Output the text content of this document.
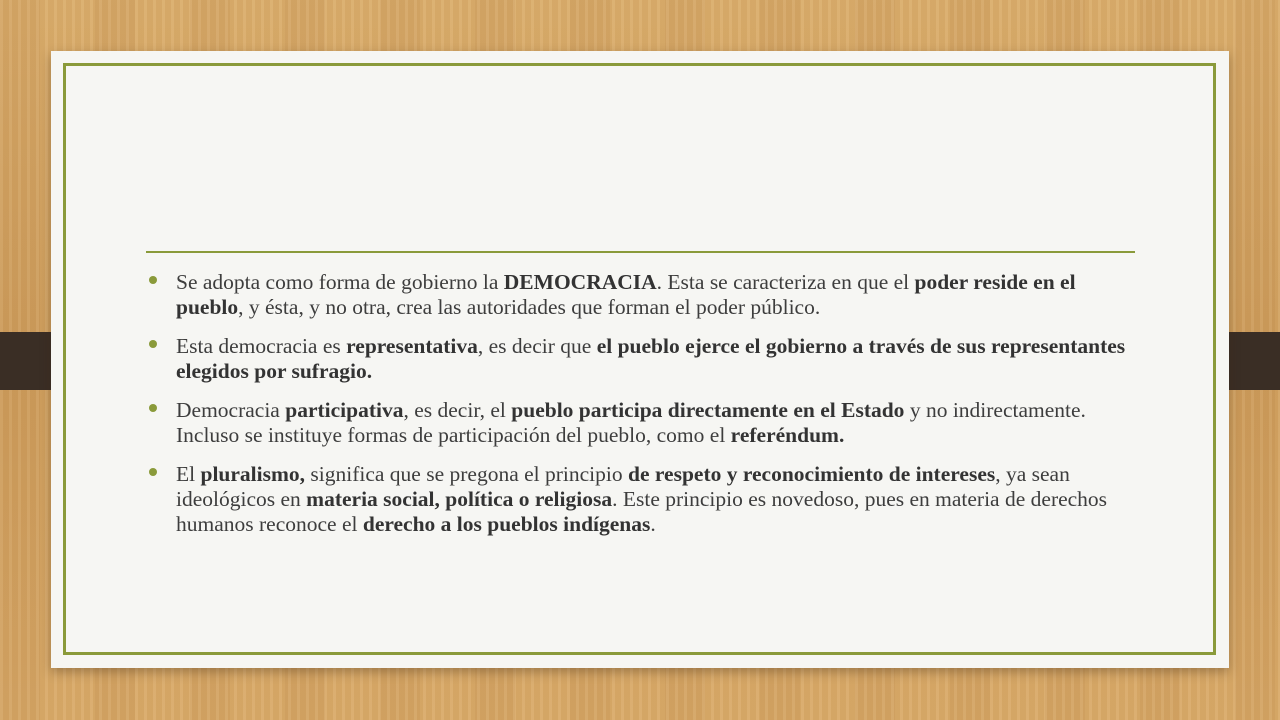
Se adopta como forma de gobierno la DEMOCRACIA. Esta se caracteriza en que el poder reside en el pueblo, y ésta, y no otra, crea las autoridades que forman el poder público.
Esta democracia es representativa, es decir que el pueblo ejerce el gobierno a través de sus representantes elegidos por sufragio.
Democracia participativa, es decir, el pueblo participa directamente en el Estado y no indirectamente. Incluso se instituye formas de participación del pueblo, como el referéndum.
El pluralismo, significa que se pregona el principio de respeto y reconocimiento de intereses, ya sean ideológicos en materia social, política o religiosa. Este principio es novedoso, pues en materia de derechos humanos reconoce el derecho a los pueblos indígenas.
